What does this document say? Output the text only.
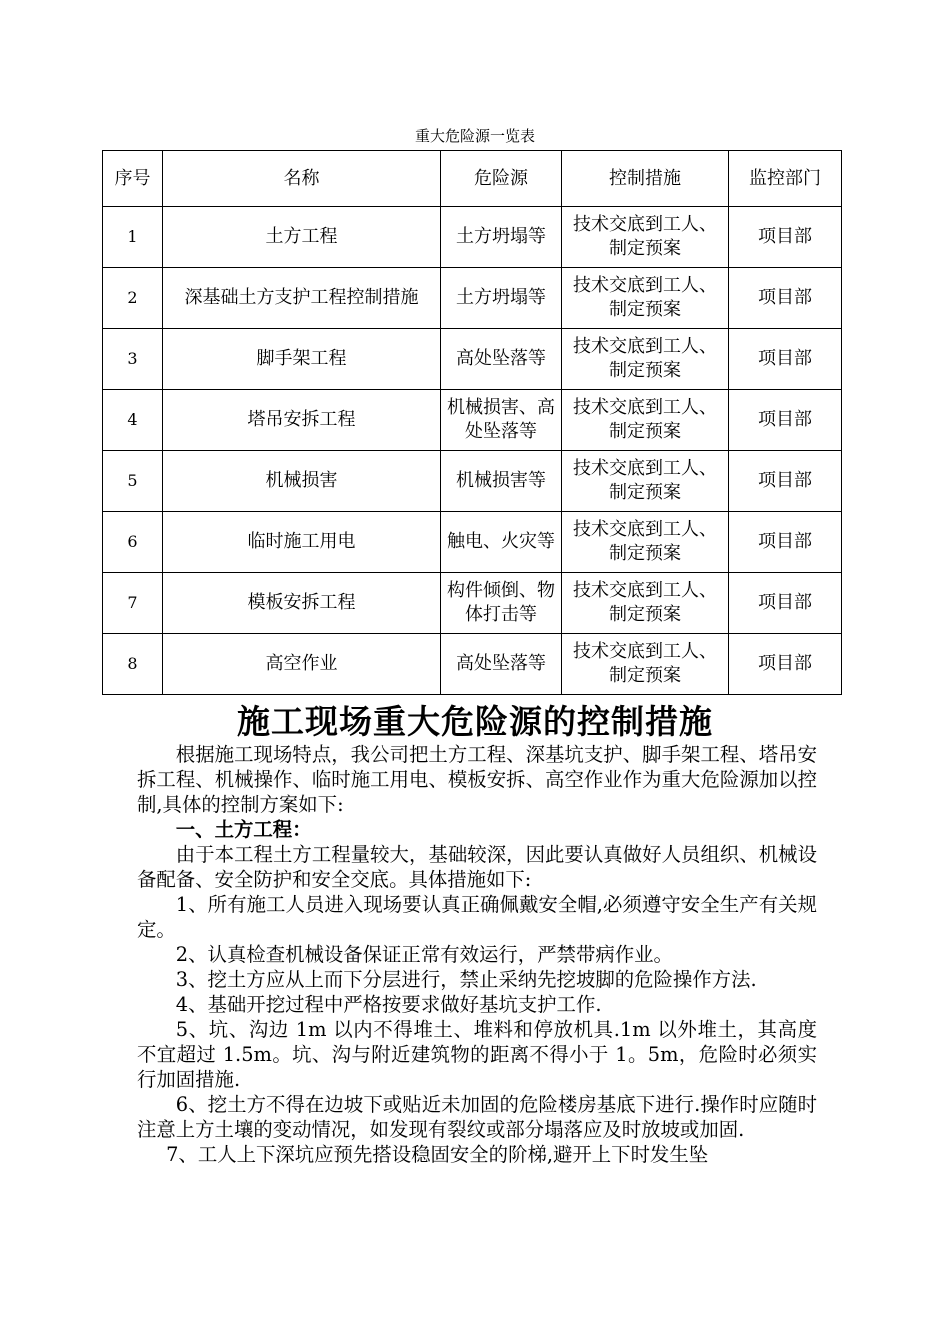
重大危险源一览表
序号	名称	危险源	控制措施	监控部门
1	土方工程	土方坍塌等	技术交底到工人、制定预案	项目部
2	深基础土方支护工程控制措施	土方坍塌等	技术交底到工人、制定预案	项目部
3	脚手架工程	高处坠落等	技术交底到工人、制定预案	项目部
4	塔吊安拆工程	机械损害、高处坠落等	技术交底到工人、制定预案	项目部
5	机械损害	机械损害等	技术交底到工人、制定预案	项目部
6	临时施工用电	触电、火灾等	技术交底到工人、制定预案	项目部
7	模板安拆工程	构件倾倒、物体打击等	技术交底到工人、制定预案	项目部
8	高空作业	高处坠落等	技术交底到工人、制定预案	项目部
施工现场重大危险源的控制措施

根据施工现场特点，我公司把土方工程、深基坑支护、脚手架工程、塔吊安拆工程、机械操作、临时施工用电、模板安拆、高空作业作为重大危险源加以控制,具体的控制方案如下:

一、土方工程：

由于本工程土方工程量较大，基础较深，因此要认真做好人员组织、机械设备配备、安全防护和安全交底。具体措施如下:

1、所有施工人员进入现场要认真正确佩戴安全帽,必须遵守安全生产有关规定。

2、认真检查机械设备保证正常有效运行，严禁带病作业。

3、挖土方应从上而下分层进行，禁止采纳先挖坡脚的危险操作方法.

4、基础开挖过程中严格按要求做好基坑支护工作.

5、坑、沟边 1m 以内不得堆土、堆料和停放机具.1m 以外堆土，其高度不宜超过 1.5m。坑、沟与附近建筑物的距离不得小于 1。5m，危险时必须实行加固措施.

6、挖土方不得在边坡下或贴近未加固的危险楼房基底下进行.操作时应随时注意上方土壤的变动情况，如发现有裂纹或部分塌落应及时放坡或加固.

7、工人上下深坑应预先搭设稳固安全的阶梯,避开上下时发生坠
